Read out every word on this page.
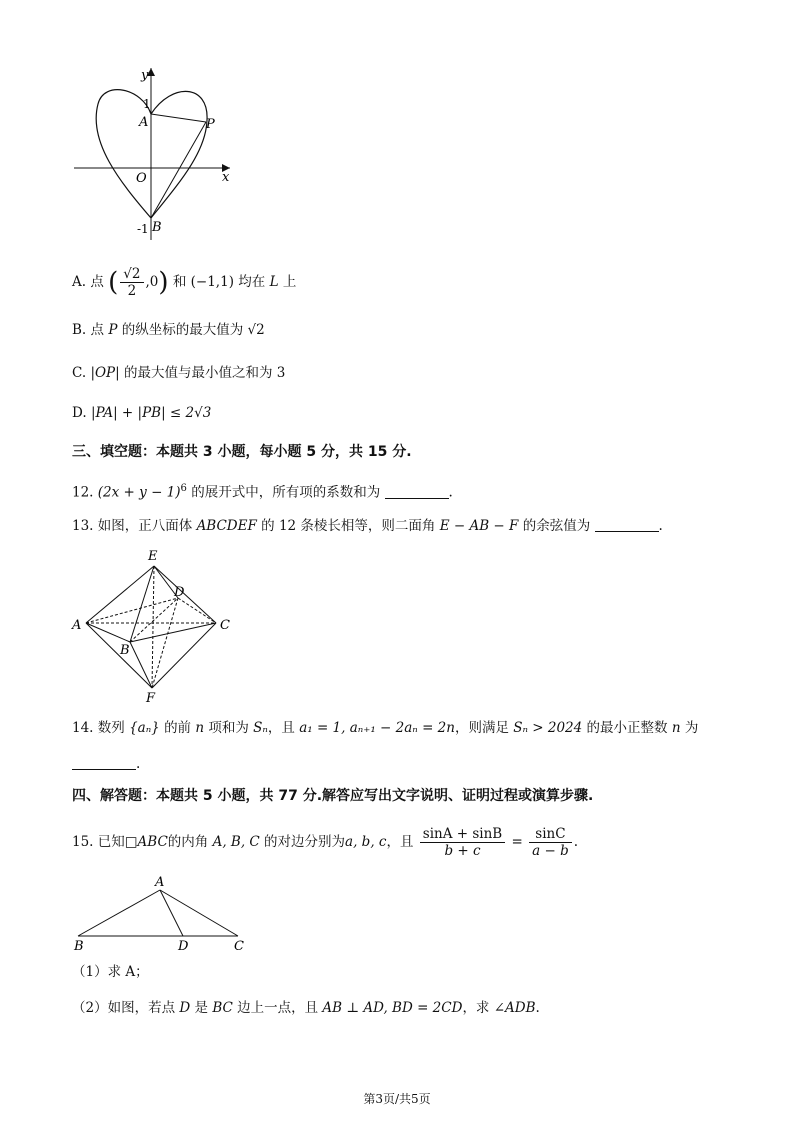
y
x
O
1
A	P
-1 B
A. 点 ( $\frac{√2}{2} ,0$) 和 (−1,1) 均在 L 上
B. 点 P 的纵坐标的最大值为 √2
C. |OP| 的最大值与最小值之和为 3
D. |PA| + |PB| ≤ 2√3
三、填空题：本题共 3 小题，每小题 5 分，共 15 分.
12. $(2x + y - 1)^6$ 的展开式中，所有项的系数和为	.
13. 如图，正八面体 ABCDEF 的 12 条棱长相等，则二面角 E − AB − F 的余弦值为	.
E
D
A	C
B
F
14. 数列 {aₙ} 的前 n 项和为 Sₙ，且 a₁ = 1, aₙ₊₁ − 2aₙ = 2n，则满足 Sₙ > 2024 的最小正整数 n 为
.
四、解答题：本题共 5 小题，共 77 分.解答应写出文字说明、证明过程或演算步骤.
15. 已知□ABC的内角 A, B, C 的对边分别为a, b, c，且 $\frac{\sin A + \sin B}{b + c} = \frac{\sin C}{a - b}$ .
A
B	D	C
（1）求 A；
（2）如图，若点 D 是 BC 边上一点，且 AB ⊥ AD, BD = 2CD，求 ∠ADB.
第3页/共5页
